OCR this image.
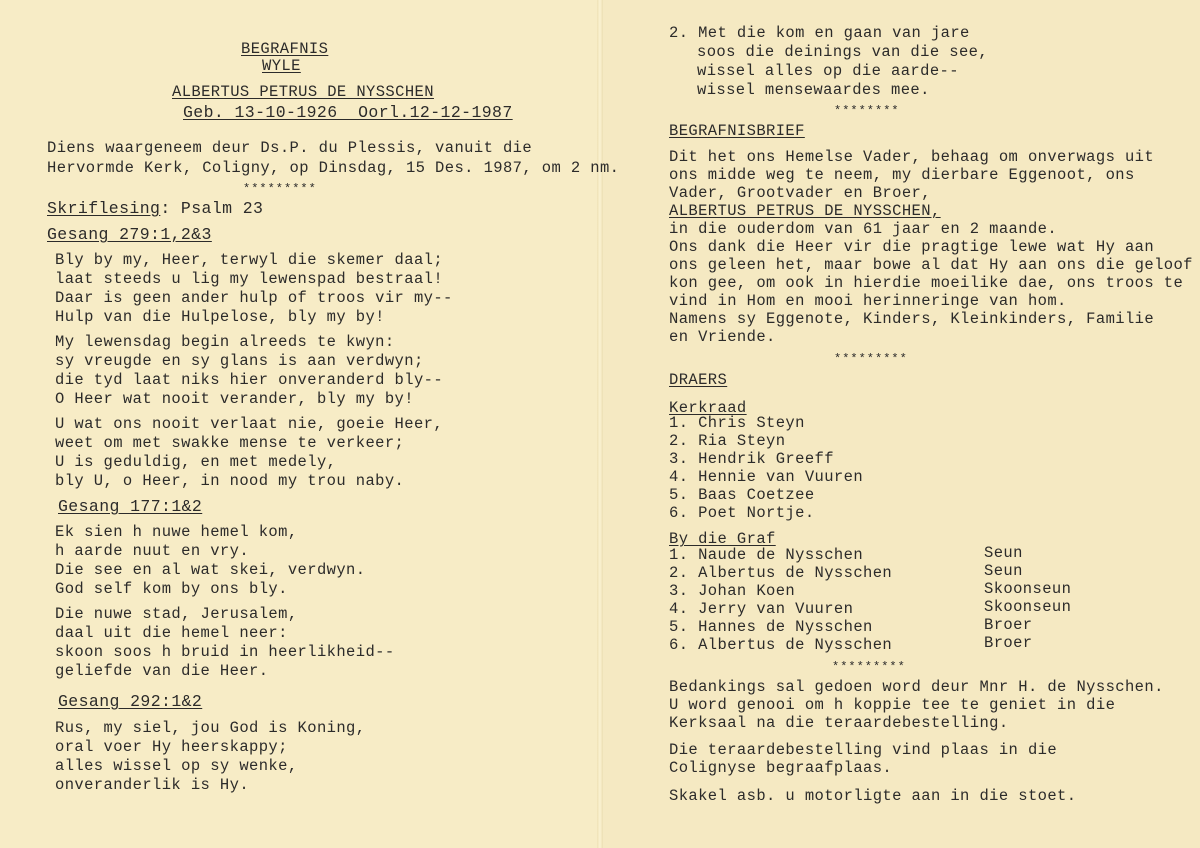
BEGRAFNIS
WYLE
ALBERTUS PETRUS DE NYSSCHEN
Geb. 13-10-1926  Oorl.12-12-1987
Diens waargeneem deur Ds.P. du Plessis, vanuit die
Hervormde Kerk, Coligny, op Dinsdag, 15 Des. 1987, om 2 nm.
*********
Skriflesing: Psalm 23
Gesang 279:1,2&3
Bly by my, Heer, terwyl die skemer daal;
laat steeds u lig my lewenspad bestraal!
Daar is geen ander hulp of troos vir my--
Hulp van die Hulpelose, bly my by!
My lewensdag begin alreeds te kwyn:
sy vreugde en sy glans is aan verdwyn;
die tyd laat niks hier onveranderd bly--
O Heer wat nooit verander, bly my by!
U wat ons nooit verlaat nie, goeie Heer,
weet om met swakke mense te verkeer;
U is geduldig, en met medely,
bly U, o Heer, in nood my trou naby.
Gesang 177:1&2
Ek sien h nuwe hemel kom,
h aarde nuut en vry.
Die see en al wat skei, verdwyn.
God self kom by ons bly.
Die nuwe stad, Jerusalem,
daal uit die hemel neer:
skoon soos h bruid in heerlikheid--
geliefde van die Heer.
Gesang 292:1&2
Rus, my siel, jou God is Koning,
oral voer Hy heerskappy;
alles wissel op sy wenke,
onveranderlik is Hy.
2. Met die kom en gaan van jare
soos die deinings van die see,
wissel alles op die aarde--
wissel mensewaardes mee.
********
BEGRAFNISBRIEF
Dit het ons Hemelse Vader, behaag om onverwags uit
ons midde weg te neem, my dierbare Eggenoot, ons
Vader, Grootvader en Broer,
ALBERTUS PETRUS DE NYSSCHEN,
in die ouderdom van 61 jaar en 2 maande.
Ons dank die Heer vir die pragtige lewe wat Hy aan
ons geleen het, maar bowe al dat Hy aan ons die geloof
kon gee, om ook in hierdie moeilike dae, ons troos te
vind in Hom en mooi herinneringe van hom.
Namens sy Eggenote, Kinders, Kleinkinders, Familie
en Vriende.
*********
DRAERS
Kerkraad
1. Chris Steyn
2. Ria Steyn
3. Hendrik Greeff
4. Hennie van Vuuren
5. Baas Coetzee
6. Poet Nortje.
By die Graf
1. Naude de Nysschen	Seun
2. Albertus de Nysschen	Seun
3. Johan Koen	Skoonseun
4. Jerry van Vuuren	Skoonseun
5. Hannes de Nysschen	Broer
6. Albertus de Nysschen	Broer
*********
Bedankings sal gedoen word deur Mnr H. de Nysschen.
U word genooi om h koppie tee te geniet in die
Kerksaal na die teraardebestelling.
Die teraardebestelling vind plaas in die
Colignyse begraafplaas.
Skakel asb. u motorligte aan in die stoet.
